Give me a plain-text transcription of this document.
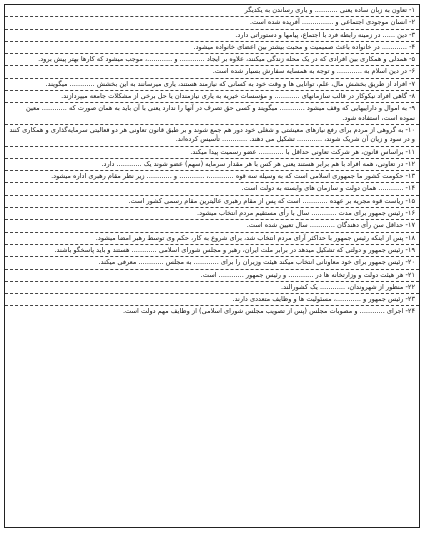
۱- تعاون به زبان ساده یعنی ........... و یاری رساندن به یکدیگر
۲- انسان موجودی اجتماعی و ............... آفریده شده است.
۳- دین ...... در زمینه رابطه فرد با اجتماع، پیامها و دستوراتی دارد.
۴- ............ در خانواده باعث صمیمیت و محبت بیشتر بین اعضای خانواده میشود.
۵- همدلی و همکاری بین افرادی که در یک محله زندگی میکنند، علاوه بر ایجاد ............ و ............، موجب میشود که کارها بهتر پیش برود.
۶- در دین اسلام به ............ و توجه به همسایه سفارش بسیار شده است.
۷- افراد از طریق بخشش مال، علم، توانایی ها و وقت خود به کسانی که نیازمند هستند، یاری میرسانند به این بخشش ............ میگویند.
۸- گاهی افراد نیکوکار در قالب سازمانهای ............ و مؤسسات خیریه به یاری نیازمندان یا حل برخی از مشکلات جامعه میپردازند.
۹- به اموال و داراییهایی که وقف میشود ............ میگویند و کسی حق تصرف در آنها را ندارد یعنی با آن باید به همان صورت که ............ معین نموده است، استفاده شود.
۱۰- به گروهی از مردم برای رفع نیازهای معیشتی و شغلی خود دور هم جمع شوند و بر طبق قانون تعاونی هر دو فعالیتی سرمایه‌گذاری و همکاری کنند و در سود و زیان آن شریک شوند، ............ تشکیل می دهند. ............ تأسیس کرده‌اند.
۱۱- براساس قانون، هر شرکت تعاونی حداقل با ............ عضو رسمیت پیدا میکند.
۱۲- در تعاونی، همه افراد با هم برابر هستند یعنی هر کس با هر مقدار سرمایه (سهم) عضو شوند یک ............ دارد.
۱۳- حکومت کشور ما جمهوری اسلامی است که به وسیله سه قوه ............، ............ و ............ زیر نظر مقام رهبری اداره میشود.
۱۴- ............ همان دولت و سازمان های وابسته به دولت است.
۱۵- ریاست قوه مجریه بر عهده ............ است که پس از مقام رهبری عالیترین مقام رسمی کشور است.
۱۶- رئیس جمهور برای مدت ............ سال با رأی مستقیم مردم انتخاب میشود.
۱۷- حداقل سن رأی دهندگان ............ سال تعیین شده است.
۱۸- پس از اینکه رئیس جمهور با حداکثر آرای مردم انتخاب شد، برای شروع به کار، حکم وی توسط رهبر امضا میشود.
۱۹- رئیس جمهور و دولتی که تشکیل میدهد در برابر ملت ایران، رهبر و مجلس شورای اسلامی ............ هستند و باید پاسخگو باشند.
۲۰- رئیس جمهور برای خود معاونانی انتخاب میکند هیئت وزیران را برای ............ به مجلس ............ معرفی میکند.
۲۱- هر هیئت دولت و وزارتخانه ها در ............ و رئیس جمهور ............ است.
۲۲- منظور از شهروندان، ............ یک کشورالند.
۲۳- رئیس جمهور و ............، مسئولیت ها و وظایف متعددی دارند.
۲۴- اجرای ............ و مصوبات مجلس (پس از تصویب مجلس شورای اسلامی) از وظایف مهم دولت است.
